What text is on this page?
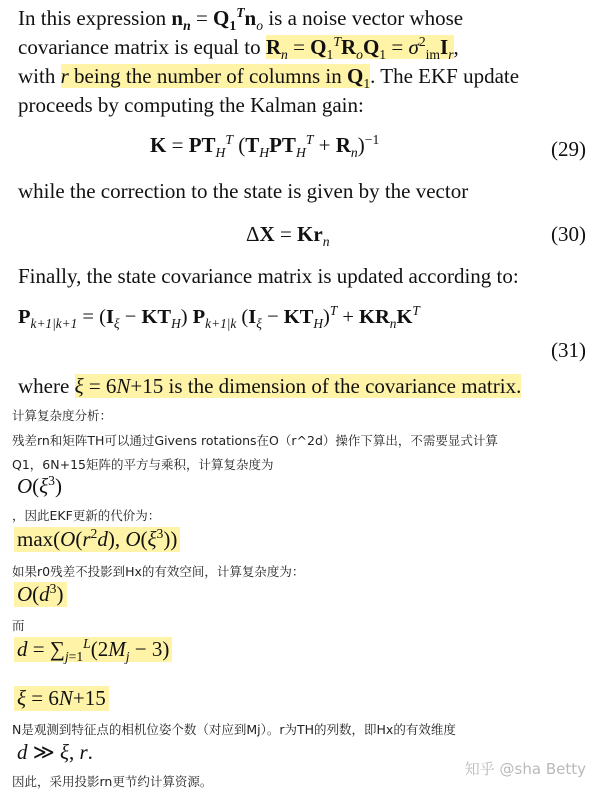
In this expression $n_n = Q_1^Tn_o$ is a noise vector whose
covariance matrix is equal to $R_n = Q_1^TR_oQ_1 = \sigma^2_{im}I_r$,
with r being the number of columns in $Q_1$. The EKF update
proceeds by computing the Kalman gain:
$K = PT_H^T$ $(T_HPT_H^T + R_n)^{-1}$	(29)
while the correction to the state is given by the vector
$\Delta X = Kr_n$	(30)
Finally, the state covariance matrix is updated according to:
$P_{k+1|k+1} = (I_\xi - KT_H)$ $P_{k+1|k}$ $(I_\xi - KT_H)^T + KR_nK^T$
(31)
where ξ = 6N+15 is the dimension of the covariance matrix.
计算复杂度分析：
残差rn和矩阵TH可以通过Givens rotations在O（r^2d）操作下算出，不需要显式计算
Q1，6N+15矩阵的平方与乘积，计算复杂度为
$O(\xi^3)$
，因此EKF更新的代价为：
$\max(O(r^2d)$, $O(\xi^3)$)
如果r0残差不投影到Hx的有效空间，计算复杂度为：
$O(d^3)$
而
$d = \sum_{j=1}^L(2M_j - 3)$
ξ = 6N+15
N是观测到特征点的相机位姿个数（对应到Mj）。r为TH的列数，即Hx的有效维度
d ≫ ξ, r.
因此，采用投影rn更节约计算资源。
知乎 @sha Betty
